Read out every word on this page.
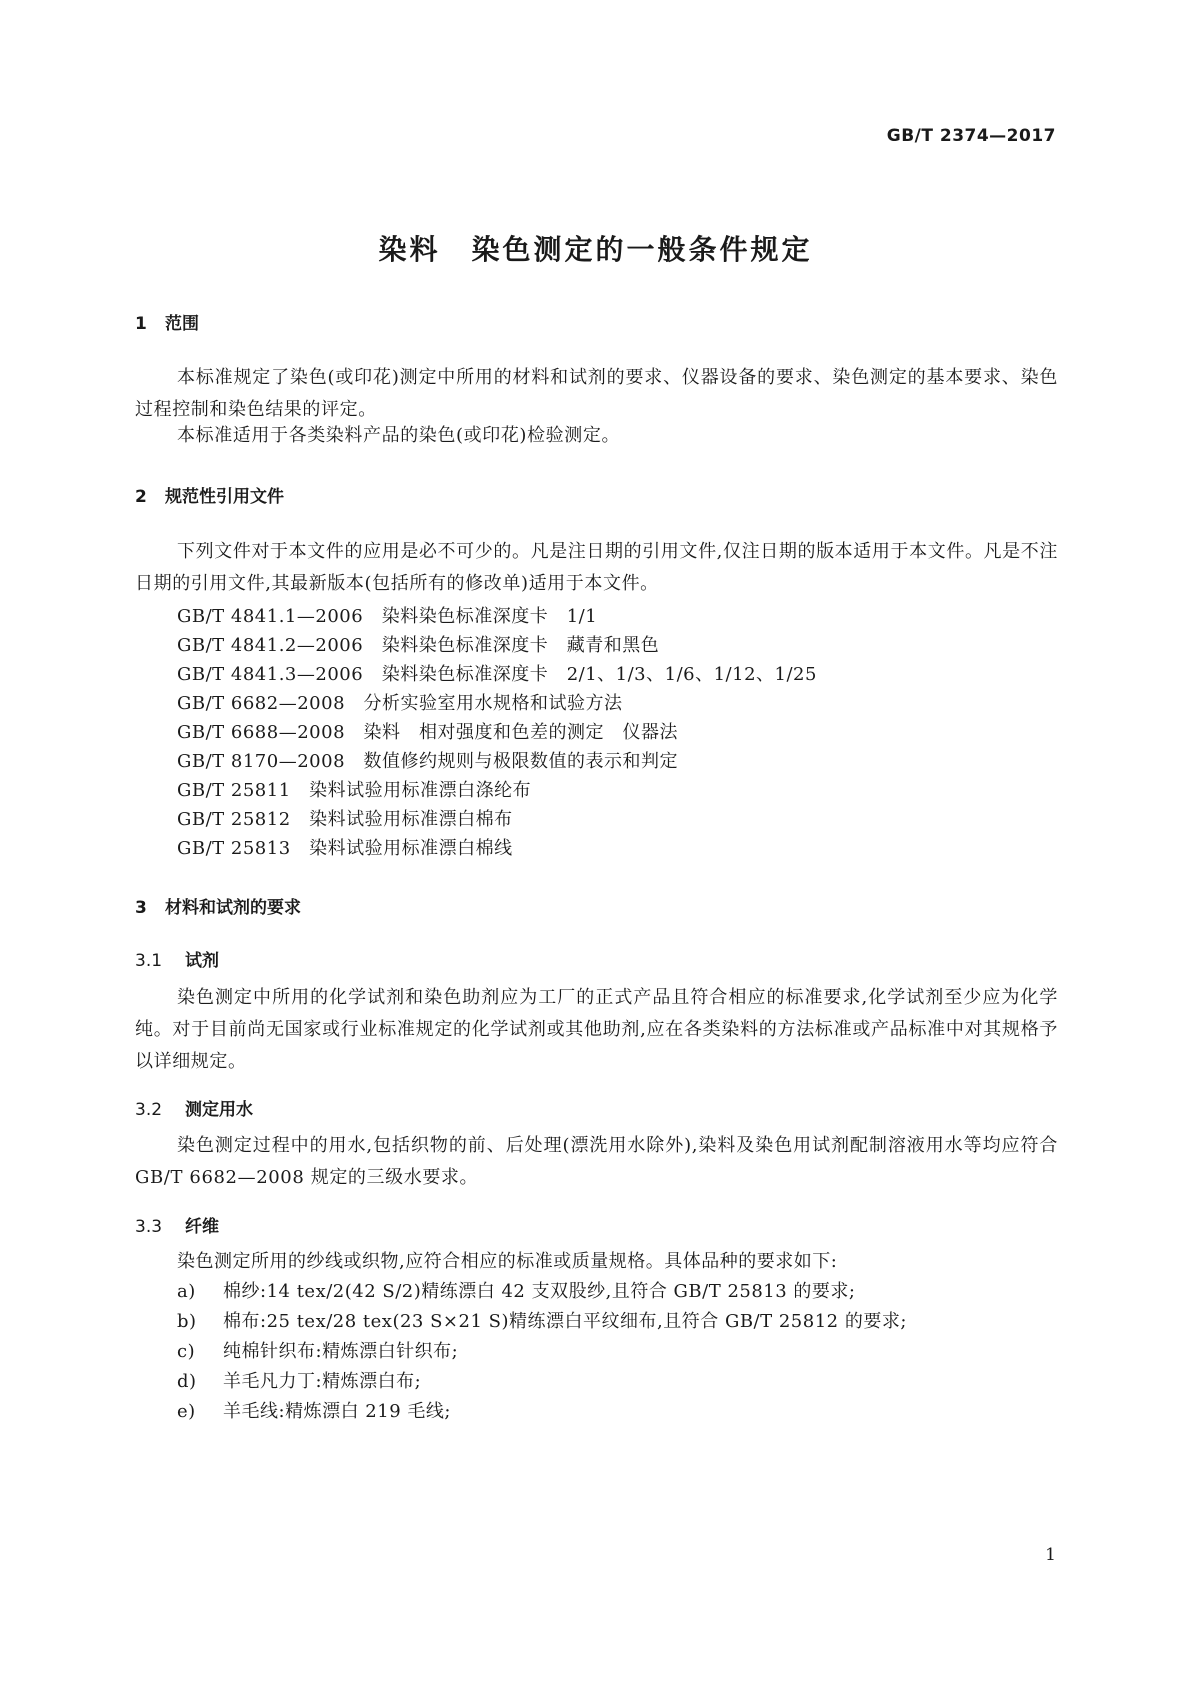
GB/T 2374—2017
染料　染色测定的一般条件规定
1 范围
本标准规定了染色(或印花)测定中所用的材料和试剂的要求、仪器设备的要求、染色测定的基本要求、染色过程控制和染色结果的评定。
本标准适用于各类染料产品的染色(或印花)检验测定。
2 规范性引用文件
下列文件对于本文件的应用是必不可少的。凡是注日期的引用文件,仅注日期的版本适用于本文件。凡是不注日期的引用文件,其最新版本(包括所有的修改单)适用于本文件。
GB/T 4841.1—2006　 染料染色标准深度卡　1/1
GB/T 4841.2—2006　 染料染色标准深度卡　藏青和黑色
GB/T 4841.3—2006　 染料染色标准深度卡　2/1、1/3、1/6、1/12、1/25
GB/T 6682—2008　 分析实验室用水规格和试验方法
GB/T 6688—2008　 染料　相对强度和色差的测定　仪器法
GB/T 8170—2008　 数值修约规则与极限数值的表示和判定
GB/T 25811　 染料试验用标准漂白涤纶布
GB/T 25812　 染料试验用标准漂白棉布
GB/T 25813　 染料试验用标准漂白棉线
3 材料和试剂的要求
3.1 试剂
染色测定中所用的化学试剂和染色助剂应为工厂的正式产品且符合相应的标准要求,化学试剂至少应为化学纯。对于目前尚无国家或行业标准规定的化学试剂或其他助剂,应在各类染料的方法标准或产品标准中对其规格予以详细规定。
3.2 测定用水
染色测定过程中的用水,包括织物的前、后处理(漂洗用水除外),染料及染色用试剂配制溶液用水等均应符合 GB/T 6682—2008 规定的三级水要求。
3.3 纤维
染色测定所用的纱线或织物,应符合相应的标准或质量规格。具体品种的要求如下:
a) 棉纱:14 tex/2(42 S/2)精练漂白 42 支双股纱,且符合 GB/T 25813 的要求;
b) 棉布:25 tex/28 tex(23 S×21 S)精练漂白平纹细布,且符合 GB/T 25812 的要求;
c) 纯棉针织布:精炼漂白针织布;
d) 羊毛凡力丁:精炼漂白布;
e) 羊毛线:精炼漂白 219 毛线;
1
